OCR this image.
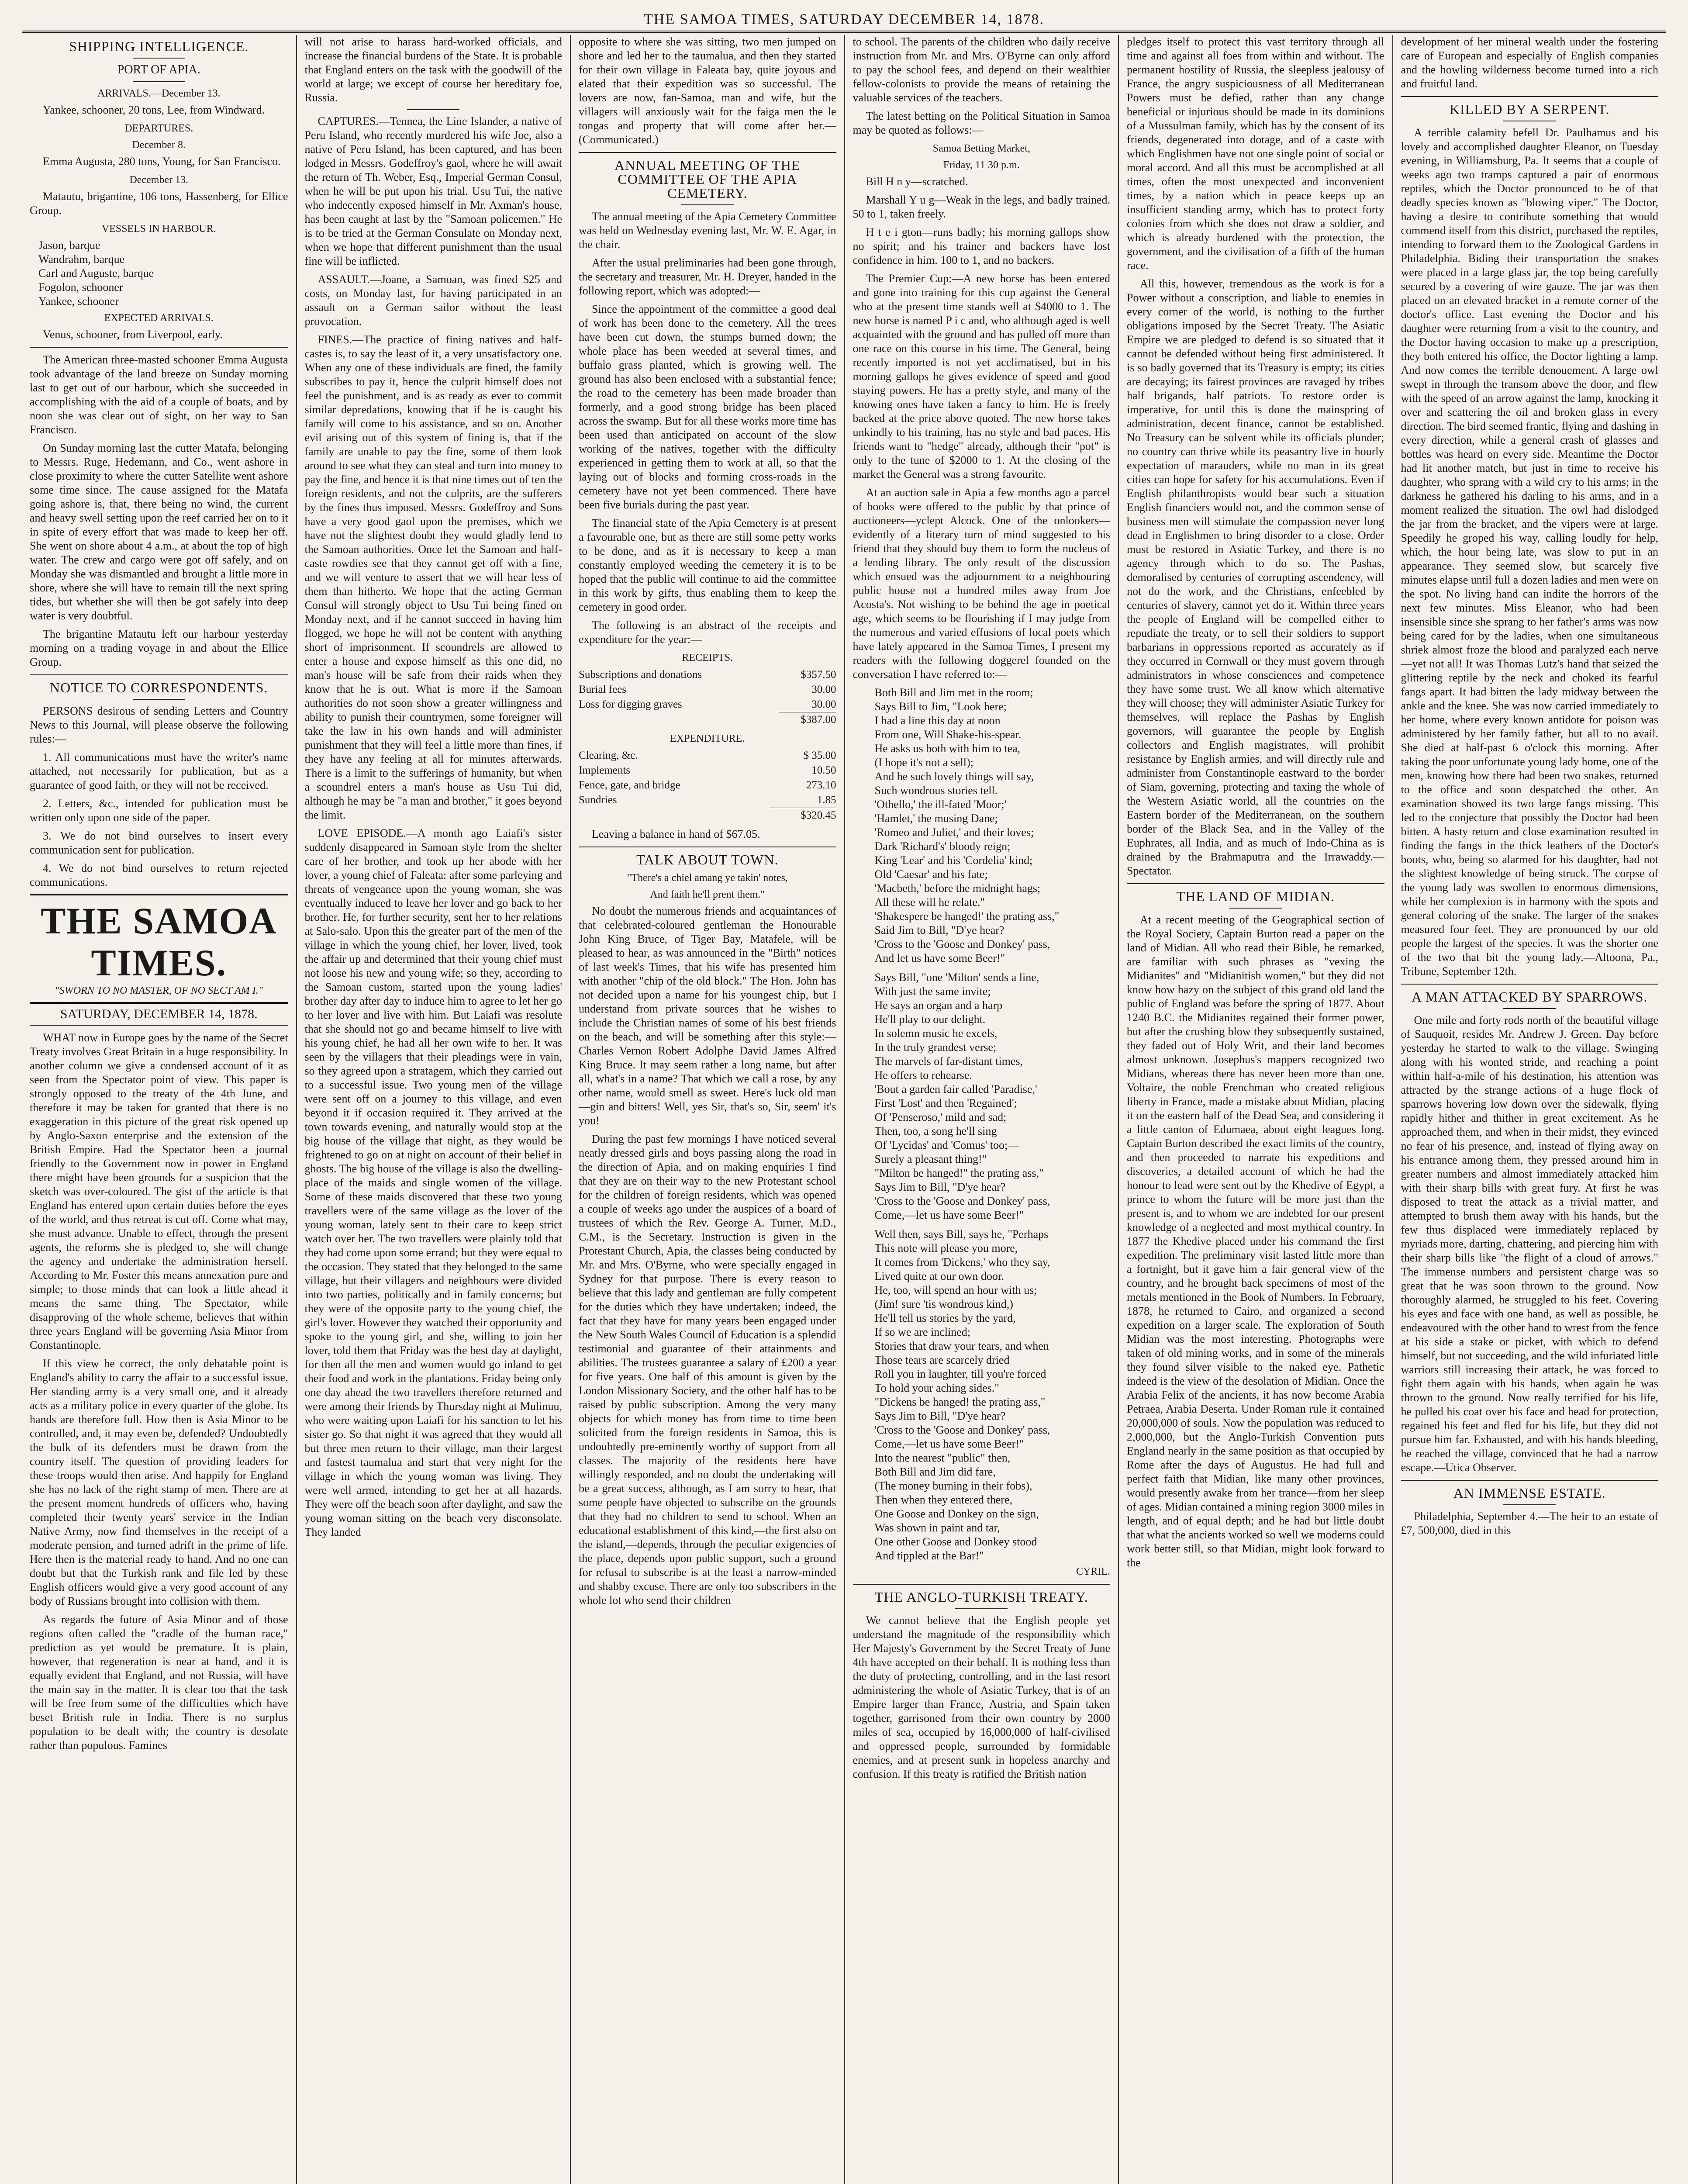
THE SAMOA TIMES, SATURDAY DECEMBER 14, 1878.
SHIPPING INTELLIGENCE.
PORT OF APIA.
ARRIVALS.—December 13.

Yankee, schooner, 20 tons, Lee, from Windward.

DEPARTURES.
December 8.

Emma Augusta, 280 tons, Young, for San Francisco.

December 13.

Matautu, brigantine, 106 tons, Hassenberg, for Ellice Group.

VESSELS IN HARBOUR.
Jason, barque
Wandrahm, barque
Carl and Auguste, barque
Fogolon, schooner
Yankee, schooner
EXPECTED ARRIVALS.

Venus, schooner, from Liverpool, early.

The American three-masted schooner Emma Augusta took advantage of the land breeze on Sunday morning last to get out of our harbour, which she succeeded in accomplishing with the aid of a couple of boats, and by noon she was clear out of sight, on her way to San Francisco.

On Sunday morning last the cutter Matafa, belonging to Messrs. Ruge, Hedemann, and Co., went ashore in close proximity to where the cutter Satellite went ashore some time since. The cause assigned for the Matafa going ashore is, that, there being no wind, the current and heavy swell setting upon the reef carried her on to it in spite of every effort that was made to keep her off. She went on shore about 4 a.m., at about the top of high water. The crew and cargo were got off safely, and on Monday she was dismantled and brought a little more in shore, where she will have to remain till the next spring tides, but whether she will then be got safely into deep water is very doubtful.

The brigantine Matautu left our harbour yesterday morning on a trading voyage in and about the Ellice Group.

NOTICE TO CORRESPONDENTS.

PERSONS desirous of sending Letters and Country News to this Journal, will please observe the following rules:—

1. All communications must have the writer's name attached, not necessarily for publication, but as a guarantee of good faith, or they will not be received.

2. Letters, &c., intended for publication must be written only upon one side of the paper.

3. We do not bind ourselves to insert every communication sent for publication.

4. We do not bind ourselves to return rejected communications.

THE SAMOA TIMES.
"SWORN TO NO MASTER, OF NO SECT AM I."
SATURDAY, DECEMBER 14, 1878.

WHAT now in Europe goes by the name of the Secret Treaty involves Great Britain in a huge responsibility. In another column we give a condensed account of it as seen from the Spectator point of view. This paper is strongly opposed to the treaty of the 4th June, and therefore it may be taken for granted that there is no exaggeration in this picture of the great risk opened up by Anglo-Saxon enterprise and the extension of the British Empire. Had the Spectator been a journal friendly to the Government now in power in England there might have been grounds for a suspicion that the sketch was over-coloured. The gist of the article is that England has entered upon certain duties before the eyes of the world, and thus retreat is cut off. Come what may, she must advance. Unable to effect, through the present agents, the reforms she is pledged to, she will change the agency and undertake the administration herself. According to Mr. Foster this means annexation pure and simple; to those minds that can look a little ahead it means the same thing. The Spectator, while disapproving of the whole scheme, believes that within three years England will be governing Asia Minor from Constantinople.

If this view be correct, the only debatable point is England's ability to carry the affair to a successful issue. Her standing army is a very small one, and it already acts as a military police in every quarter of the globe. Its hands are therefore full. How then is Asia Minor to be controlled, and, it may even be, defended? Undoubtedly the bulk of its defenders must be drawn from the country itself. The question of providing leaders for these troops would then arise. And happily for England she has no lack of the right stamp of men. There are at the present moment hundreds of officers who, having completed their twenty years' service in the Indian Native Army, now find themselves in the receipt of a moderate pension, and turned adrift in the prime of life. Here then is the material ready to hand. And no one can doubt but that the Turkish rank and file led by these English officers would give a very good account of any body of Russians brought into collision with them.

As regards the future of Asia Minor and of those regions often called the "cradle of the human race," prediction as yet would be premature. It is plain, however, that regeneration is near at hand, and it is equally evident that England, and not Russia, will have the main say in the matter. It is clear too that the task will be free from some of the difficulties which have beset British rule in India. There is no surplus population to be dealt with; the country is desolate rather than populous. Famines

will not arise to harass hard-worked officials, and increase the financial burdens of the State. It is probable that England enters on the task with the goodwill of the world at large; we except of course her hereditary foe, Russia.

CAPTURES.—Tennea, the Line Islander, a native of Peru Island, who recently murdered his wife Joe, also a native of Peru Island, has been captured, and has been lodged in Messrs. Godeffroy's gaol, where he will await the return of Th. Weber, Esq., Imperial German Consul, when he will be put upon his trial. Usu Tui, the native who indecently exposed himself in Mr. Axman's house, has been caught at last by the "Samoan policemen." He is to be tried at the German Consulate on Monday next, when we hope that different punishment than the usual fine will be inflicted.

ASSAULT.—Joane, a Samoan, was fined $25 and costs, on Monday last, for having participated in an assault on a German sailor without the least provocation.

FINES.—The practice of fining natives and half-castes is, to say the least of it, a very unsatisfactory one. When any one of these individuals are fined, the family subscribes to pay it, hence the culprit himself does not feel the punishment, and is as ready as ever to commit similar depredations, knowing that if he is caught his family will come to his assistance, and so on. Another evil arising out of this system of fining is, that if the family are unable to pay the fine, some of them look around to see what they can steal and turn into money to pay the fine, and hence it is that nine times out of ten the foreign residents, and not the culprits, are the sufferers by the fines thus imposed. Messrs. Godeffroy and Sons have a very good gaol upon the premises, which we have not the slightest doubt they would gladly lend to the Samoan authorities. Once let the Samoan and half-caste rowdies see that they cannot get off with a fine, and we will venture to assert that we will hear less of them than hitherto. We hope that the acting German Consul will strongly object to Usu Tui being fined on Monday next, and if he cannot succeed in having him flogged, we hope he will not be content with anything short of imprisonment. If scoundrels are allowed to enter a house and expose himself as this one did, no man's house will be safe from their raids when they know that he is out. What is more if the Samoan authorities do not soon show a greater willingness and ability to punish their countrymen, some foreigner will take the law in his own hands and will administer punishment that they will feel a little more than fines, if they have any feeling at all for minutes afterwards. There is a limit to the sufferings of humanity, but when a scoundrel enters a man's house as Usu Tui did, although he may be "a man and brother," it goes beyond the limit.

LOVE EPISODE.—A month ago Laiafi's sister suddenly disappeared in Samoan style from the shelter care of her brother, and took up her abode with her lover, a young chief of Faleata: after some parleying and threats of vengeance upon the young woman, she was eventually induced to leave her lover and go back to her brother. He, for further security, sent her to her relations at Salo-salo. Upon this the greater part of the men of the village in which the young chief, her lover, lived, took the affair up and determined that their young chief must not loose his new and young wife; so they, according to the Samoan custom, started upon the young ladies' brother day after day to induce him to agree to let her go to her lover and live with him. But Laiafi was resolute that she should not go and became himself to live with his young chief, he had all her own wife to her. It was seen by the villagers that their pleadings were in vain, so they agreed upon a stratagem, which they carried out to a successful issue. Two young men of the village were sent off on a journey to this village, and even beyond it if occasion required it. They arrived at the town towards evening, and naturally would stop at the big house of the village that night, as they would be frightened to go on at night on account of their belief in ghosts. The big house of the village is also the dwelling-place of the maids and single women of the village. Some of these maids discovered that these two young travellers were of the same village as the lover of the young woman, lately sent to their care to keep strict watch over her. The two travellers were plainly told that they had come upon some errand; but they were equal to the occasion. They stated that they belonged to the same village, but their villagers and neighbours were divided into two parties, politically and in family concerns; but they were of the opposite party to the young chief, the girl's lover. However they watched their opportunity and spoke to the young girl, and she, willing to join her lover, told them that Friday was the best day at daylight, for then all the men and women would go inland to get their food and work in the plantations. Friday being only one day ahead the two travellers therefore returned and were among their friends by Thursday night at Mulinuu, who were waiting upon Laiafi for his sanction to let his sister go. So that night it was agreed that they would all but three men return to their village, man their largest and fastest taumalua and start that very night for the village in which the young woman was living. They were well armed, intending to get her at all hazards. They were off the beach soon after daylight, and saw the young woman sitting on the beach very disconsolate. They landed

opposite to where she was sitting, two men jumped on shore and led her to the taumalua, and then they started for their own village in Faleata bay, quite joyous and elated that their expedition was so successful. The lovers are now, fan-Samoa, man and wife, but the villagers will anxiously wait for the faiga men the le tongas and property that will come after her.—(Communicated.)

ANNUAL MEETING OF THE COMMITTEE OF THE APIA CEMETERY.

The annual meeting of the Apia Cemetery Committee was held on Wednesday evening last, Mr. W. E. Agar, in the chair.

After the usual preliminaries had been gone through, the secretary and treasurer, Mr. H. Dreyer, handed in the following report, which was adopted:—

Since the appointment of the committee a good deal of work has been done to the cemetery. All the trees have been cut down, the stumps burned down; the whole place has been weeded at several times, and buffalo grass planted, which is growing well. The ground has also been enclosed with a substantial fence; the road to the cemetery has been made broader than formerly, and a good strong bridge has been placed across the swamp. But for all these works more time has been used than anticipated on account of the slow working of the natives, together with the difficulty experienced in getting them to work at all, so that the laying out of blocks and forming cross-roads in the cemetery have not yet been commenced. There have been five burials during the past year.

The financial state of the Apia Cemetery is at present a favourable one, but as there are still some petty works to be done, and as it is necessary to keep a man constantly employed weeding the cemetery it is to be hoped that the public will continue to aid the committee in this work by gifts, thus enabling them to keep the cemetery in good order.

The following is an abstract of the receipts and expenditure for the year:—

RECEIPTS.
Subscriptions and donations	$357.50
Burial fees	30.00
Loss for digging graves	30.00
	$387.00
EXPENDITURE.
Clearing, &c.	$ 35.00
Implements	10.50
Fence, gate, and bridge	273.10
Sundries	1.85
	$320.45

Leaving a balance in hand of $67.05.

TALK ABOUT TOWN.
"There's a chiel amang ye takin' notes,
And faith he'll prent them."

No doubt the numerous friends and acquaintances of that celebrated-coloured gentleman the Honourable John King Bruce, of Tiger Bay, Matafele, will be pleased to hear, as was announced in the "Birth" notices of last week's Times, that his wife has presented him with another "chip of the old block." The Hon. John has not decided upon a name for his youngest chip, but I understand from private sources that he wishes to include the Christian names of some of his best friends on the beach, and will be something after this style:—Charles Vernon Robert Adolphe David James Alfred King Bruce. It may seem rather a long name, but after all, what's in a name? That which we call a rose, by any other name, would smell as sweet. Here's luck old man—gin and bitters! Well, yes Sir, that's so, Sir, seem' it's you!

During the past few mornings I have noticed several neatly dressed girls and boys passing along the road in the direction of Apia, and on making enquiries I find that they are on their way to the new Protestant school for the children of foreign residents, which was opened a couple of weeks ago under the auspices of a board of trustees of which the Rev. George A. Turner, M.D., C.M., is the Secretary. Instruction is given in the Protestant Church, Apia, the classes being conducted by Mr. and Mrs. O'Byrne, who were specially engaged in Sydney for that purpose. There is every reason to believe that this lady and gentleman are fully competent for the duties which they have undertaken; indeed, the fact that they have for many years been engaged under the New South Wales Council of Education is a splendid testimonial and guarantee of their attainments and abilities. The trustees guarantee a salary of £200 a year for five years. One half of this amount is given by the London Missionary Society, and the other half has to be raised by public subscription. Among the very many objects for which money has from time to time been solicited from the foreign residents in Samoa, this is undoubtedly pre-eminently worthy of support from all classes. The majority of the residents here have willingly responded, and no doubt the undertaking will be a great success, although, as I am sorry to hear, that some people have objected to subscribe on the grounds that they had no children to send to school. When an educational establishment of this kind,—the first also on the island,—depends, through the peculiar exigencies of the place, depends upon public support, such a ground for refusal to subscribe is at the least a narrow-minded and shabby excuse. There are only too subscribers in the whole lot who send their children

to school. The parents of the children who daily receive instruction from Mr. and Mrs. O'Byrne can only afford to pay the school fees, and depend on their wealthier fellow-colonists to provide the means of retaining the valuable services of the teachers.

The latest betting on the Political Situation in Samoa may be quoted as follows:—

Samoa Betting Market,
Friday, 11 30 p.m.

Bill H n y—scratched.

Marshall Y u g—Weak in the legs, and badly trained. 50 to 1, taken freely.

H t e i gton—runs badly; his morning gallops show no spirit; and his trainer and backers have lost confidence in him. 100 to 1, and no backers.

The Premier Cup:—A new horse has been entered and gone into training for this cup against the General who at the present time stands well at $4000 to 1. The new horse is named P i c and, who although aged is well acquainted with the ground and has pulled off more than one race on this course in his time. The General, being recently imported is not yet acclimatised, but in his morning gallops he gives evidence of speed and good staying powers. He has a pretty style, and many of the knowing ones have taken a fancy to him. He is freely backed at the price above quoted. The new horse takes unkindly to his training, has no style and bad paces. His friends want to "hedge" already, although their "pot" is only to the tune of $2000 to 1. At the closing of the market the General was a strong favourite.

At an auction sale in Apia a few months ago a parcel of books were offered to the public by that prince of auctioneers—yclept Alcock. One of the onlookers—evidently of a literary turn of mind suggested to his friend that they should buy them to form the nucleus of a lending library. The only result of the discussion which ensued was the adjournment to a neighbouring public house not a hundred miles away from Joe Acosta's. Not wishing to be behind the age in poetical age, which seems to be flourishing if I may judge from the numerous and varied effusions of local poets which have lately appeared in the Samoa Times, I present my readers with the following doggerel founded on the conversation I have referred to:—

Both Bill and Jim met in the room;
Says Bill to Jim, "Look here;
I had a line this day at noon
From one, Will Shake-his-spear.
He asks us both with him to tea,
(I hope it's not a sell);
And he such lovely things will say,
Such wondrous stories tell.
'Othello,' the ill-fated 'Moor;'
'Hamlet,' the musing Dane;
'Romeo and Juliet,' and their loves;
Dark 'Richard's' bloody reign;
King 'Lear' and his 'Cordelia' kind;
Old 'Caesar' and his fate;
'Macbeth,' before the midnight hags;
All these will he relate."
'Shakespere be hanged!' the prating ass,"
Said Jim to Bill, "D'ye hear?
'Cross to the 'Goose and Donkey' pass,
And let us have some Beer!"
Says Bill, "one 'Milton' sends a line,
With just the same invite;
He says an organ and a harp
He'll play to our delight.
In solemn music he excels,
In the truly grandest verse;
The marvels of far-distant times,
He offers to rehearse.
'Bout a garden fair called 'Paradise,'
First 'Lost' and then 'Regained';
Of 'Penseroso,' mild and sad;
Then, too, a song he'll sing
Of 'Lycidas' and 'Comus' too;—
Surely a pleasant thing!"
"Milton be hanged!" the prating ass,"
Says Jim to Bill, "D'ye hear?
'Cross to the 'Goose and Donkey' pass,
Come,—let us have some Beer!"
Well then, says Bill, says he, "Perhaps
This note will please you more,
It comes from 'Dickens,' who they say,
Lived quite at our own door.
He, too, will spend an hour with us;
(Jim! sure 'tis wondrous kind,)
He'll tell us stories by the yard,
If so we are inclined;
Stories that draw your tears, and when
Those tears are scarcely dried
Roll you in laughter, till you're forced
To hold your aching sides."
"Dickens be hanged! the prating ass,"
Says Jim to Bill, "D'ye hear?
'Cross to the 'Goose and Donkey' pass,
Come,—let us have some Beer!"
Into the nearest "public" then,
Both Bill and Jim did fare,
(The money burning in their fobs),
Then when they entered there,
One Goose and Donkey on the sign,
Was shown in paint and tar,
One other Goose and Donkey stood
And tippled at the Bar!"
CYRIL.
THE ANGLO-TURKISH TREATY.

We cannot believe that the English people yet understand the magnitude of the responsibility which Her Majesty's Government by the Secret Treaty of June 4th have accepted on their behalf. It is nothing less than the duty of protecting, controlling, and in the last resort administering the whole of Asiatic Turkey, that is of an Empire larger than France, Austria, and Spain taken together, garrisoned from their own country by 2000 miles of sea, occupied by 16,000,000 of half-civilised and oppressed people, surrounded by formidable enemies, and at present sunk in hopeless anarchy and confusion. If this treaty is ratified the British nation

pledges itself to protect this vast territory through all time and against all foes from within and without. The permanent hostility of Russia, the sleepless jealousy of France, the angry suspiciousness of all Mediterranean Powers must be defied, rather than any change beneficial or injurious should be made in its dominions of a Mussulman family, which has by the consent of its friends, degenerated into dotage, and of a caste with which Englishmen have not one single point of social or moral accord. And all this must be accomplished at all times, often the most unexpected and inconvenient times, by a nation which in peace keeps up an insufficient standing army, which has to protect forty colonies from which she does not draw a soldier, and which is already burdened with the protection, the government, and the civilisation of a fifth of the human race.

All this, however, tremendous as the work is for a Power without a conscription, and liable to enemies in every corner of the world, is nothing to the further obligations imposed by the Secret Treaty. The Asiatic Empire we are pledged to defend is so situated that it cannot be defended without being first administered. It is so badly governed that its Treasury is empty; its cities are decaying; its fairest provinces are ravaged by tribes half brigands, half patriots. To restore order is imperative, for until this is done the mainspring of administration, decent finance, cannot be established. No Treasury can be solvent while its officials plunder; no country can thrive while its peasantry live in hourly expectation of marauders, while no man in its great cities can hope for safety for his accumulations. Even if English philanthropists would bear such a situation English financiers would not, and the common sense of business men will stimulate the compassion never long dead in Englishmen to bring disorder to a close. Order must be restored in Asiatic Turkey, and there is no agency through which to do so. The Pashas, demoralised by centuries of corrupting ascendency, will not do the work, and the Christians, enfeebled by centuries of slavery, cannot yet do it. Within three years the people of England will be compelled either to repudiate the treaty, or to sell their soldiers to support barbarians in oppressions reported as accurately as if they occurred in Cornwall or they must govern through administrators in whose consciences and competence they have some trust. We all know which alternative they will choose; they will administer Asiatic Turkey for themselves, will replace the Pashas by English governors, will guarantee the people by English collectors and English magistrates, will prohibit resistance by English armies, and will directly rule and administer from Constantinople eastward to the border of Siam, governing, protecting and taxing the whole of the Western Asiatic world, all the countries on the Eastern border of the Mediterranean, on the southern border of the Black Sea, and in the Valley of the Euphrates, all India, and as much of Indo-China as is drained by the Brahmaputra and the Irrawaddy.—Spectator.

THE LAND OF MIDIAN.

At a recent meeting of the Geographical section of the Royal Society, Captain Burton read a paper on the land of Midian. All who read their Bible, he remarked, are familiar with such phrases as "vexing the Midianites" and "Midianitish women," but they did not know how hazy on the subject of this grand old land the public of England was before the spring of 1877. About 1240 B.C. the Midianites regained their former power, but after the crushing blow they subsequently sustained, they faded out of Holy Writ, and their land becomes almost unknown. Josephus's mappers recognized two Midians, whereas there has never been more than one. Voltaire, the noble Frenchman who created religious liberty in France, made a mistake about Midian, placing it on the eastern half of the Dead Sea, and considering it a little canton of Edumaea, about eight leagues long. Captain Burton described the exact limits of the country, and then proceeded to narrate his expeditions and discoveries, a detailed account of which he had the honour to lead were sent out by the Khedive of Egypt, a prince to whom the future will be more just than the present is, and to whom we are indebted for our present knowledge of a neglected and most mythical country. In 1877 the Khedive placed under his command the first expedition. The preliminary visit lasted little more than a fortnight, but it gave him a fair general view of the country, and he brought back specimens of most of the metals mentioned in the Book of Numbers. In February, 1878, he returned to Cairo, and organized a second expedition on a larger scale. The exploration of South Midian was the most interesting. Photographs were taken of old mining works, and in some of the minerals they found silver visible to the naked eye. Pathetic indeed is the view of the desolation of Midian. Once the Arabia Felix of the ancients, it has now become Arabia Petraea, Arabia Deserta. Under Roman rule it contained 20,000,000 of souls. Now the population was reduced to 2,000,000, but the Anglo-Turkish Convention puts England nearly in the same position as that occupied by Rome after the days of Augustus. He had full and perfect faith that Midian, like many other provinces, would presently awake from her trance—from her sleep of ages. Midian contained a mining region 3000 miles in length, and of equal depth; and he had but little doubt that what the ancients worked so well we moderns could work better still, so that Midian, might look forward to the

development of her mineral wealth under the fostering care of European and especially of English companies and the howling wilderness become turned into a rich and fruitful land.

KILLED BY A SERPENT.

A terrible calamity befell Dr. Paulhamus and his lovely and accomplished daughter Eleanor, on Tuesday evening, in Williamsburg, Pa. It seems that a couple of weeks ago two tramps captured a pair of enormous reptiles, which the Doctor pronounced to be of that deadly species known as "blowing viper." The Doctor, having a desire to contribute something that would commend itself from this district, purchased the reptiles, intending to forward them to the Zoological Gardens in Philadelphia. Biding their transportation the snakes were placed in a large glass jar, the top being carefully secured by a covering of wire gauze. The jar was then placed on an elevated bracket in a remote corner of the doctor's office. Last evening the Doctor and his daughter were returning from a visit to the country, and the Doctor having occasion to make up a prescription, they both entered his office, the Doctor lighting a lamp. And now comes the terrible denouement. A large owl swept in through the transom above the door, and flew with the speed of an arrow against the lamp, knocking it over and scattering the oil and broken glass in every direction. The bird seemed frantic, flying and dashing in every direction, while a general crash of glasses and bottles was heard on every side. Meantime the Doctor had lit another match, but just in time to receive his daughter, who sprang with a wild cry to his arms; in the darkness he gathered his darling to his arms, and in a moment realized the situation. The owl had dislodged the jar from the bracket, and the vipers were at large. Speedily he groped his way, calling loudly for help, which, the hour being late, was slow to put in an appearance. They seemed slow, but scarcely five minutes elapse until full a dozen ladies and men were on the spot. No living hand can indite the horrors of the next few minutes. Miss Eleanor, who had been insensible since she sprang to her father's arms was now being cared for by the ladies, when one simultaneous shriek almost froze the blood and paralyzed each nerve—yet not all! It was Thomas Lutz's hand that seized the glittering reptile by the neck and choked its fearful fangs apart. It had bitten the lady midway between the ankle and the knee. She was now carried immediately to her home, where every known antidote for poison was administered by her family father, but all to no avail. She died at half-past 6 o'clock this morning. After taking the poor unfortunate young lady home, one of the men, knowing how there had been two snakes, returned to the office and soon despatched the other. An examination showed its two large fangs missing. This led to the conjecture that possibly the Doctor had been bitten. A hasty return and close examination resulted in finding the fangs in the thick leathers of the Doctor's boots, who, being so alarmed for his daughter, had not the slightest knowledge of being struck. The corpse of the young lady was swollen to enormous dimensions, while her complexion is in harmony with the spots and general coloring of the snake. The larger of the snakes measured four feet. They are pronounced by our old people the largest of the species. It was the shorter one of the two that bit the young lady.—Altoona, Pa., Tribune, September 12th.

A MAN ATTACKED BY SPARROWS.

One mile and forty rods north of the beautiful village of Sauquoit, resides Mr. Andrew J. Green. Day before yesterday he started to walk to the village. Swinging along with his wonted stride, and reaching a point within half-a-mile of his destination, his attention was attracted by the strange actions of a huge flock of sparrows hovering low down over the sidewalk, flying rapidly hither and thither in great excitement. As he approached them, and when in their midst, they evinced no fear of his presence, and, instead of flying away on his entrance among them, they pressed around him in greater numbers and almost immediately attacked him with their sharp bills with great fury. At first he was disposed to treat the attack as a trivial matter, and attempted to brush them away with his hands, but the few thus displaced were immediately replaced by myriads more, darting, chattering, and piercing him with their sharp bills like "the flight of a cloud of arrows." The immense numbers and persistent charge was so great that he was soon thrown to the ground. Now thoroughly alarmed, he struggled to his feet. Covering his eyes and face with one hand, as well as possible, he endeavoured with the other hand to wrest from the fence at his side a stake or picket, with which to defend himself, but not succeeding, and the wild infuriated little warriors still increasing their attack, he was forced to fight them again with his hands, when again he was thrown to the ground. Now really terrified for his life, he pulled his coat over his face and head for protection, regained his feet and fled for his life, but they did not pursue him far. Exhausted, and with his hands bleeding, he reached the village, convinced that he had a narrow escape.—Utica Observer.

AN IMMENSE ESTATE.

Philadelphia, September 4.—The heir to an estate of £7, 500,000, died in this
